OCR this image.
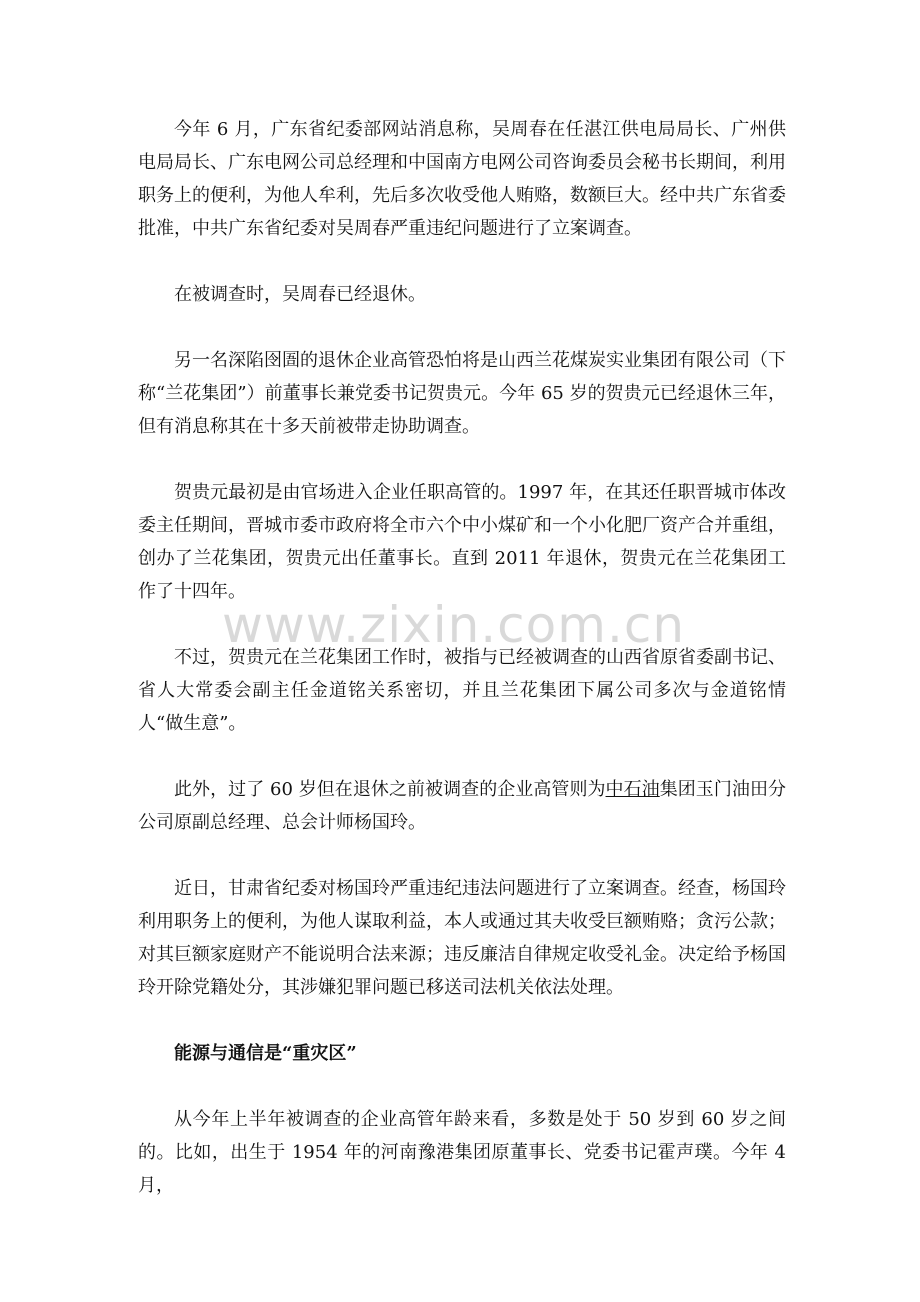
今年 6 月，广东省纪委部网站消息称，吴周春在任湛江供电局局长、广州供电局局长、广东电网公司总经理和中国南方电网公司咨询委员会秘书长期间，利用职务上的便利，为他人牟利，先后多次收受他人贿赂，数额巨大。经中共广东省委批准，中共广东省纪委对吴周春严重违纪问题进行了立案调查。

在被调查时，吴周春已经退休。

另一名深陷囹圄的退休企业高管恐怕将是山西兰花煤炭实业集团有限公司（下称“兰花集团”）前董事长兼党委书记贺贵元。今年 65 岁的贺贵元已经退休三年，但有消息称其在十多天前被带走协助调查。

贺贵元最初是由官场进入企业任职高管的。1997 年，在其还任职晋城市体改委主任期间，晋城市委市政府将全市六个中小煤矿和一个小化肥厂资产合并重组，创办了兰花集团，贺贵元出任董事长。直到 2011 年退休，贺贵元在兰花集团工作了十四年。

不过，贺贵元在兰花集团工作时，被指与已经被调查的山西省原省委副书记、省人大常委会副主任金道铭关系密切，并且兰花集团下属公司多次与金道铭情人“做生意”。

此外，过了 60 岁但在退休之前被调查的企业高管则为中石油集团玉门油田分公司原副总经理、总会计师杨国玲。

近日，甘肃省纪委对杨国玲严重违纪违法问题进行了立案调查。经查，杨国玲利用职务上的便利，为他人谋取利益，本人或通过其夫收受巨额贿赂；贪污公款；对其巨额家庭财产不能说明合法来源；违反廉洁自律规定收受礼金。决定给予杨国玲开除党籍处分，其涉嫌犯罪问题已移送司法机关依法处理。

能源与通信是“重灾区”

从今年上半年被调查的企业高管年龄来看，多数是处于 50 岁到 60 岁之间的。比如，出生于 1954 年的河南豫港集团原董事长、党委书记霍声璞。今年 4 月，

www.zixin.com.cn
